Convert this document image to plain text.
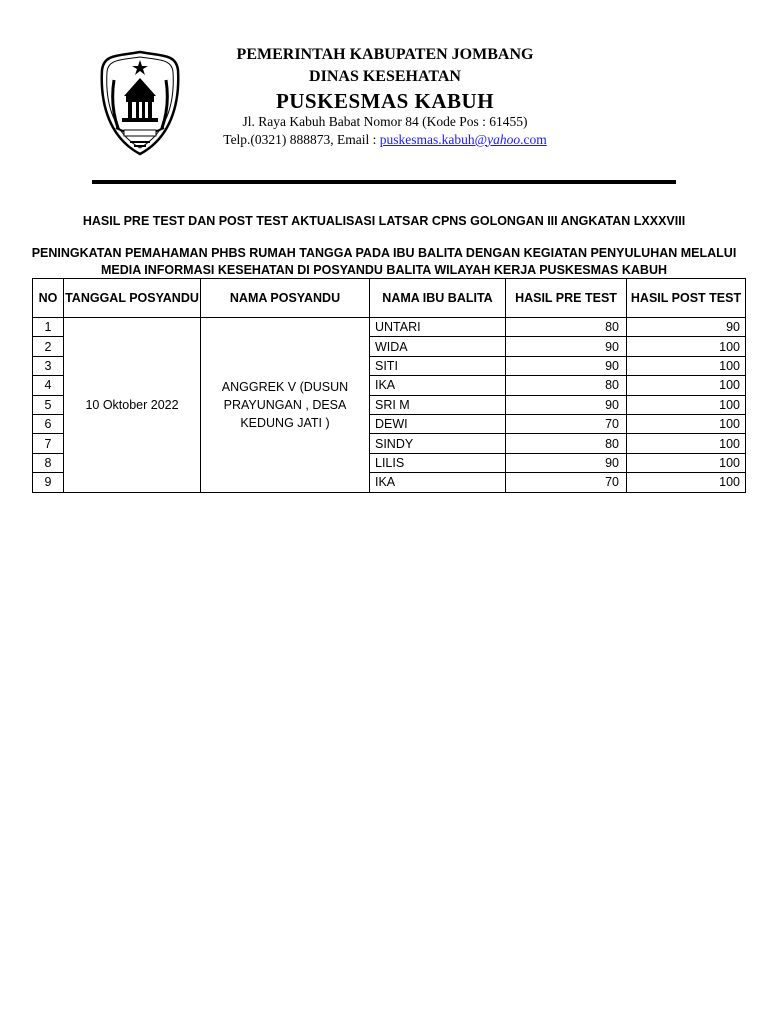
PEMERINTAH KABUPATEN JOMBANG
DINAS KESEHATAN
PUSKESMAS KABUH
Jl. Raya Kabuh Babat Nomor 84 (Kode Pos : 61455)
Telp.(0321) 888873, Email : puskesmas.kabuh@yahoo.com
HASIL PRE TEST DAN POST TEST AKTUALISASI LATSAR CPNS GOLONGAN III ANGKATAN LXXXVIII
PENINGKATAN PEMAHAMAN PHBS RUMAH TANGGA PADA IBU BALITA DENGAN KEGIATAN PENYULUHAN MELALUI
MEDIA INFORMASI KESEHATAN DI POSYANDU BALITA WILAYAH KERJA PUSKESMAS KABUH
NO	TANGGAL POSYANDU	NAMA POSYANDU	NAMA IBU BALITA	HASIL PRE TEST	HASIL POST TEST
1	10 Oktober 2022	ANGGREK V (DUSUN PRAYUNGAN , DESA KEDUNG JATI )	UNTARI	80	90
2			WIDA	90	100
3			SITI	90	100
4			IKA	80	100
5			SRI M	90	100
6			DEWI	70	100
7			SINDY	80	100
8			LILIS	90	100
9			IKA	70	100
